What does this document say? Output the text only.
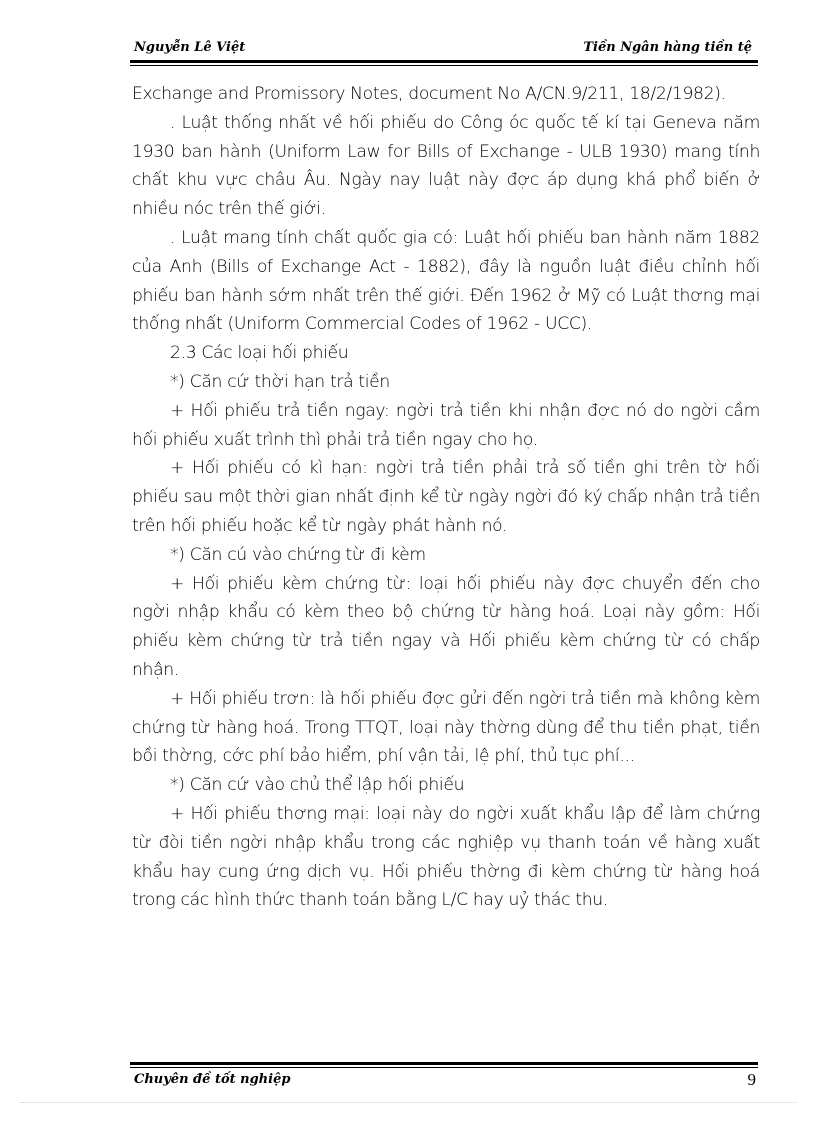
Nguyễn Lê Việt	Tiền Ngân hàng tiền tệ

Exchange and Promissory Notes, document No A/CN.9/211, 18/2/1982).

. Luật thống nhất về hối phiếu do Công óc quốc tế kí tại Geneva năm 1930 ban hành (Uniform Law for Bills of Exchange - ULB 1930) mang tính chất khu vực châu Âu. Ngày nay luật này đợc áp dụng khá phổ biến ở nhiều nóc trên thế giới.

. Luật mang tính chất quốc gia có: Luật hối phiếu ban hành năm 1882 của Anh (Bills of Exchange Act - 1882), đây là nguồn luật điều chỉnh hối phiếu ban hành sớm nhất trên thế giới. Đến 1962 ở Mỹ có Luật thơng mại thống nhất (Uniform Commercial Codes of 1962 - UCC).

2.3 Các loại hối phiếu

*) Căn cứ thời hạn trả tiền

+ Hối phiếu trả tiền ngay: ngời trả tiền khi nhận đợc nó do ngời cầm hối phiếu xuất trình thì phải trả tiền ngay cho họ.

+ Hối phiếu có kì hạn: ngời trả tiền phải trả số tiền ghi trên tờ hối phiếu sau một thời gian nhất định kể từ ngày ngời đó ký chấp nhận trả tiền trên hối phiếu hoặc kể từ ngày phát hành nó.

*) Căn cú vào chứng từ đi kèm

+ Hối phiếu kèm chứng từ: loại hối phiếu này đợc chuyển đến cho ngời nhập khẩu có kèm theo bộ chứng từ hàng hoá. Loại này gồm: Hối phiếu kèm chứng từ trả tiền ngay và Hối phiếu kèm chứng từ có chấp nhận.

+ Hối phiếu trơn: là hối phiếu đợc gửi đến ngời trả tiền mà không kèm chứng từ hàng hoá. Trong TTQT, loại này thờng dùng để thu tiền phạt, tiền bồi thờng, cớc phí bảo hiểm, phí vận tải, lệ phí, thủ tục phí...

*) Căn cứ vào chủ thể lập hối phiếu

+ Hối phiếu thơng mại: loại này do ngời xuất khẩu lập để làm chứng từ đòi tiền ngời nhập khẩu trong các nghiệp vụ thanh toán về hàng xuất khẩu hay cung ứng dịch vụ. Hối phiếu thờng đi kèm chứng từ hàng hoá trong các hình thức thanh toán bằng L/C hay uỷ thác thu.

Chuyên đề tốt nghiệp	9
